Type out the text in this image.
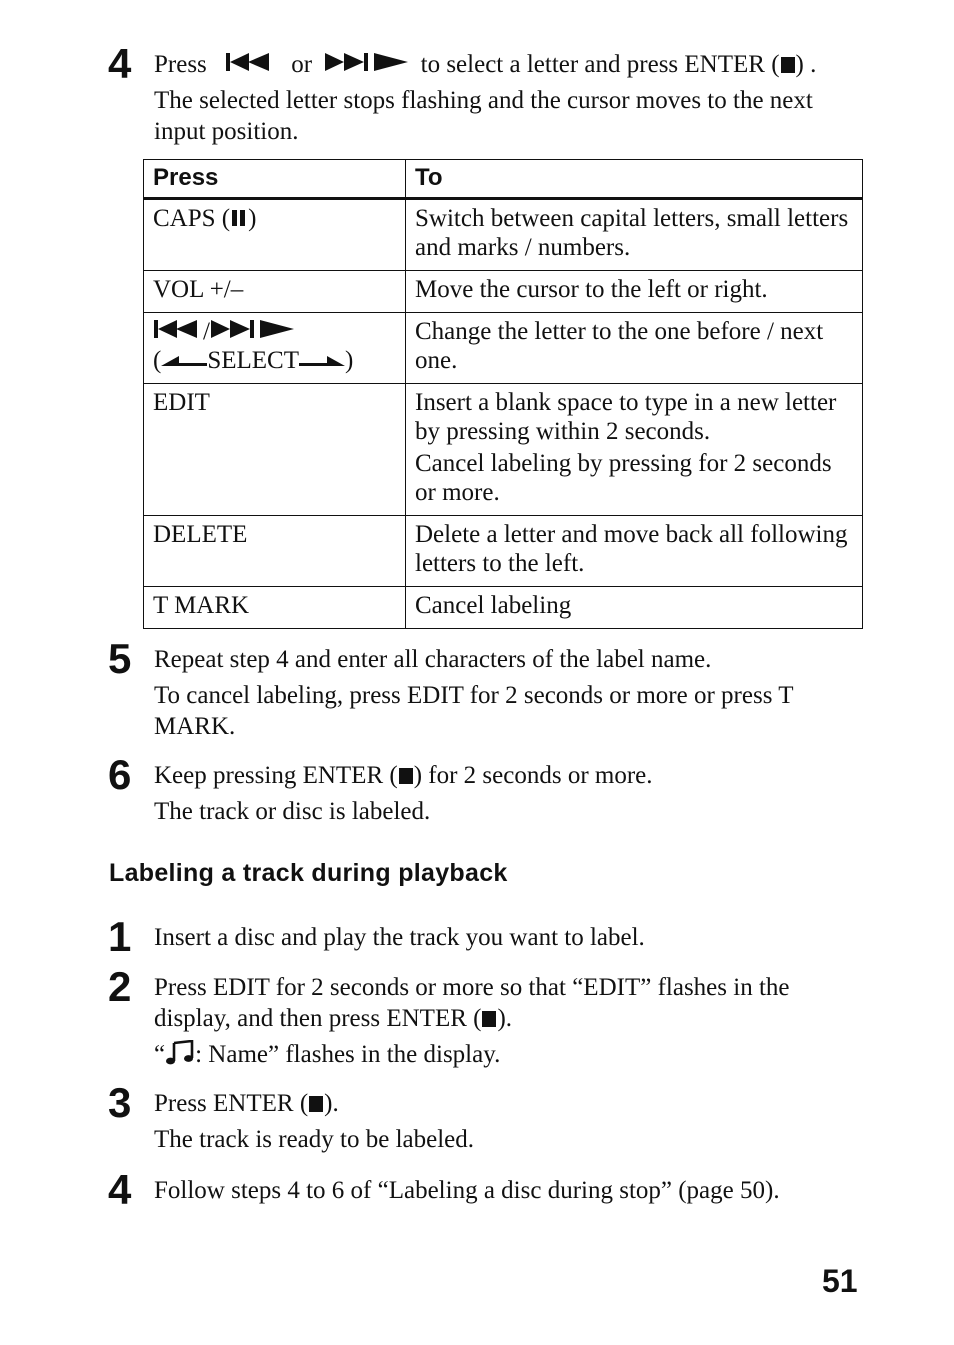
4 Press	or	to select a letter and press ENTER ( ) .

The selected letter stops flashing and the cursor moves to the next input position.

Press	To
CAPS ( )	Switch between capital letters, small letters and marks / numbers.

VOL +/–	Move the cursor to the left or right.

/
( SELECT )	Change the letter to the one before / next one.

EDIT	Insert a blank space to type in a new letter by pressing within 2 seconds.

Cancel labeling by pressing for 2 seconds or more.

DELETE	Delete a letter and move back all following letters to the left.

T MARK	Cancel labeling

5 Repeat step 4 and enter all characters of the label name.

To cancel labeling, press EDIT for 2 seconds or more or press T MARK.

6 Keep pressing ENTER ( ) for 2 seconds or more.

The track or disc is labeled.

Labeling a track during playback
1 Insert a disc and play the track you want to label.

2 Press EDIT for 2 seconds or more so that “EDIT” flashes in the display, and then press ENTER ( ).

“ : Name” flashes in the display.

3 Press ENTER ( ).

The track is ready to be labeled.

4 Follow steps 4 to 6 of “Labeling a disc during stop” (page 50).

51
